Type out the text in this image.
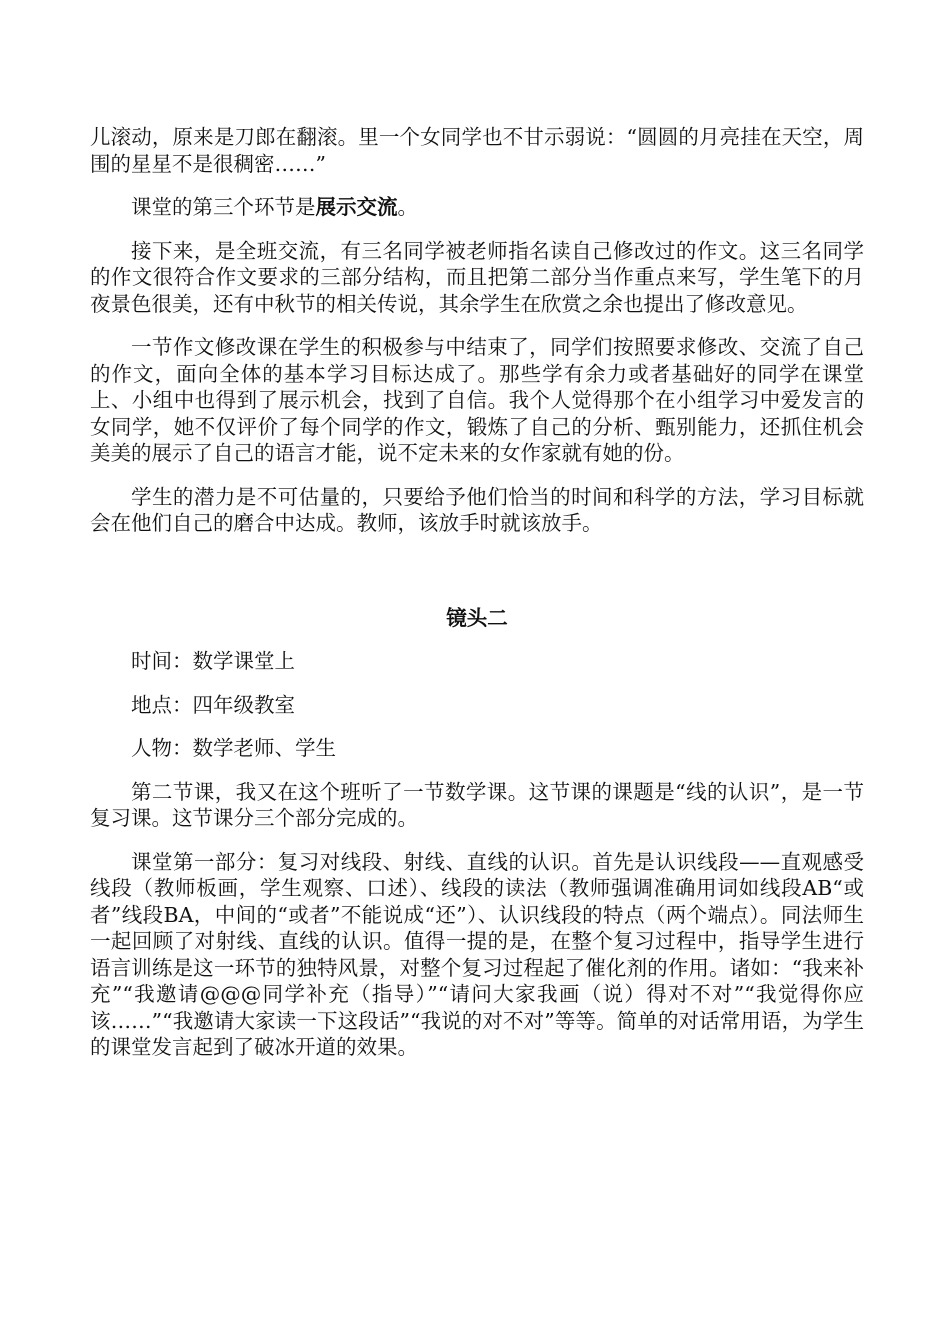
儿滚动，原来是刀郎在翻滚。里一个女同学也不甘示弱说：“圆圆的月亮挂在天空，周围的星星不是很稠密……”

课堂的第三个环节是展示交流。

接下来，是全班交流，有三名同学被老师指名读自己修改过的作文。这三名同学的作文很符合作文要求的三部分结构，而且把第二部分当作重点来写，学生笔下的月夜景色很美，还有中秋节的相关传说，其余学生在欣赏之余也提出了修改意见。

一节作文修改课在学生的积极参与中结束了，同学们按照要求修改、交流了自己的作文，面向全体的基本学习目标达成了。那些学有余力或者基础好的同学在课堂上、小组中也得到了展示机会，找到了自信。我个人觉得那个在小组学习中爱发言的女同学，她不仅评价了每个同学的作文，锻炼了自己的分析、甄别能力，还抓住机会美美的展示了自己的语言才能，说不定未来的女作家就有她的份。

学生的潜力是不可估量的，只要给予他们恰当的时间和科学的方法，学习目标就会在他们自己的磨合中达成。教师，该放手时就该放手。

镜头二

时间：数学课堂上

地点：四年级教室

人物：数学老师、学生

第二节课，我又在这个班听了一节数学课。这节课的课题是“线的认识”，是一节复习课。这节课分三个部分完成的。

课堂第一部分：复习对线段、射线、直线的认识。首先是认识线段——直观感受线段（教师板画，学生观察、口述）、线段的读法（教师强调准确用词如线段AB“或者”线段BA，中间的“或者”不能说成“还”）、认识线段的特点（两个端点）。同法师生一起回顾了对射线、直线的认识。值得一提的是，在整个复习过程中，指导学生进行语言训练是这一环节的独特风景，对整个复习过程起了催化剂的作用。诸如：“我来补充”“我邀请@@@同学补充（指导）”“请问大家我画（说）得对不对”“我觉得你应该……”“我邀请大家读一下这段话”“我说的对不对”等等。简单的对话常用语，为学生的课堂发言起到了破冰开道的效果。
